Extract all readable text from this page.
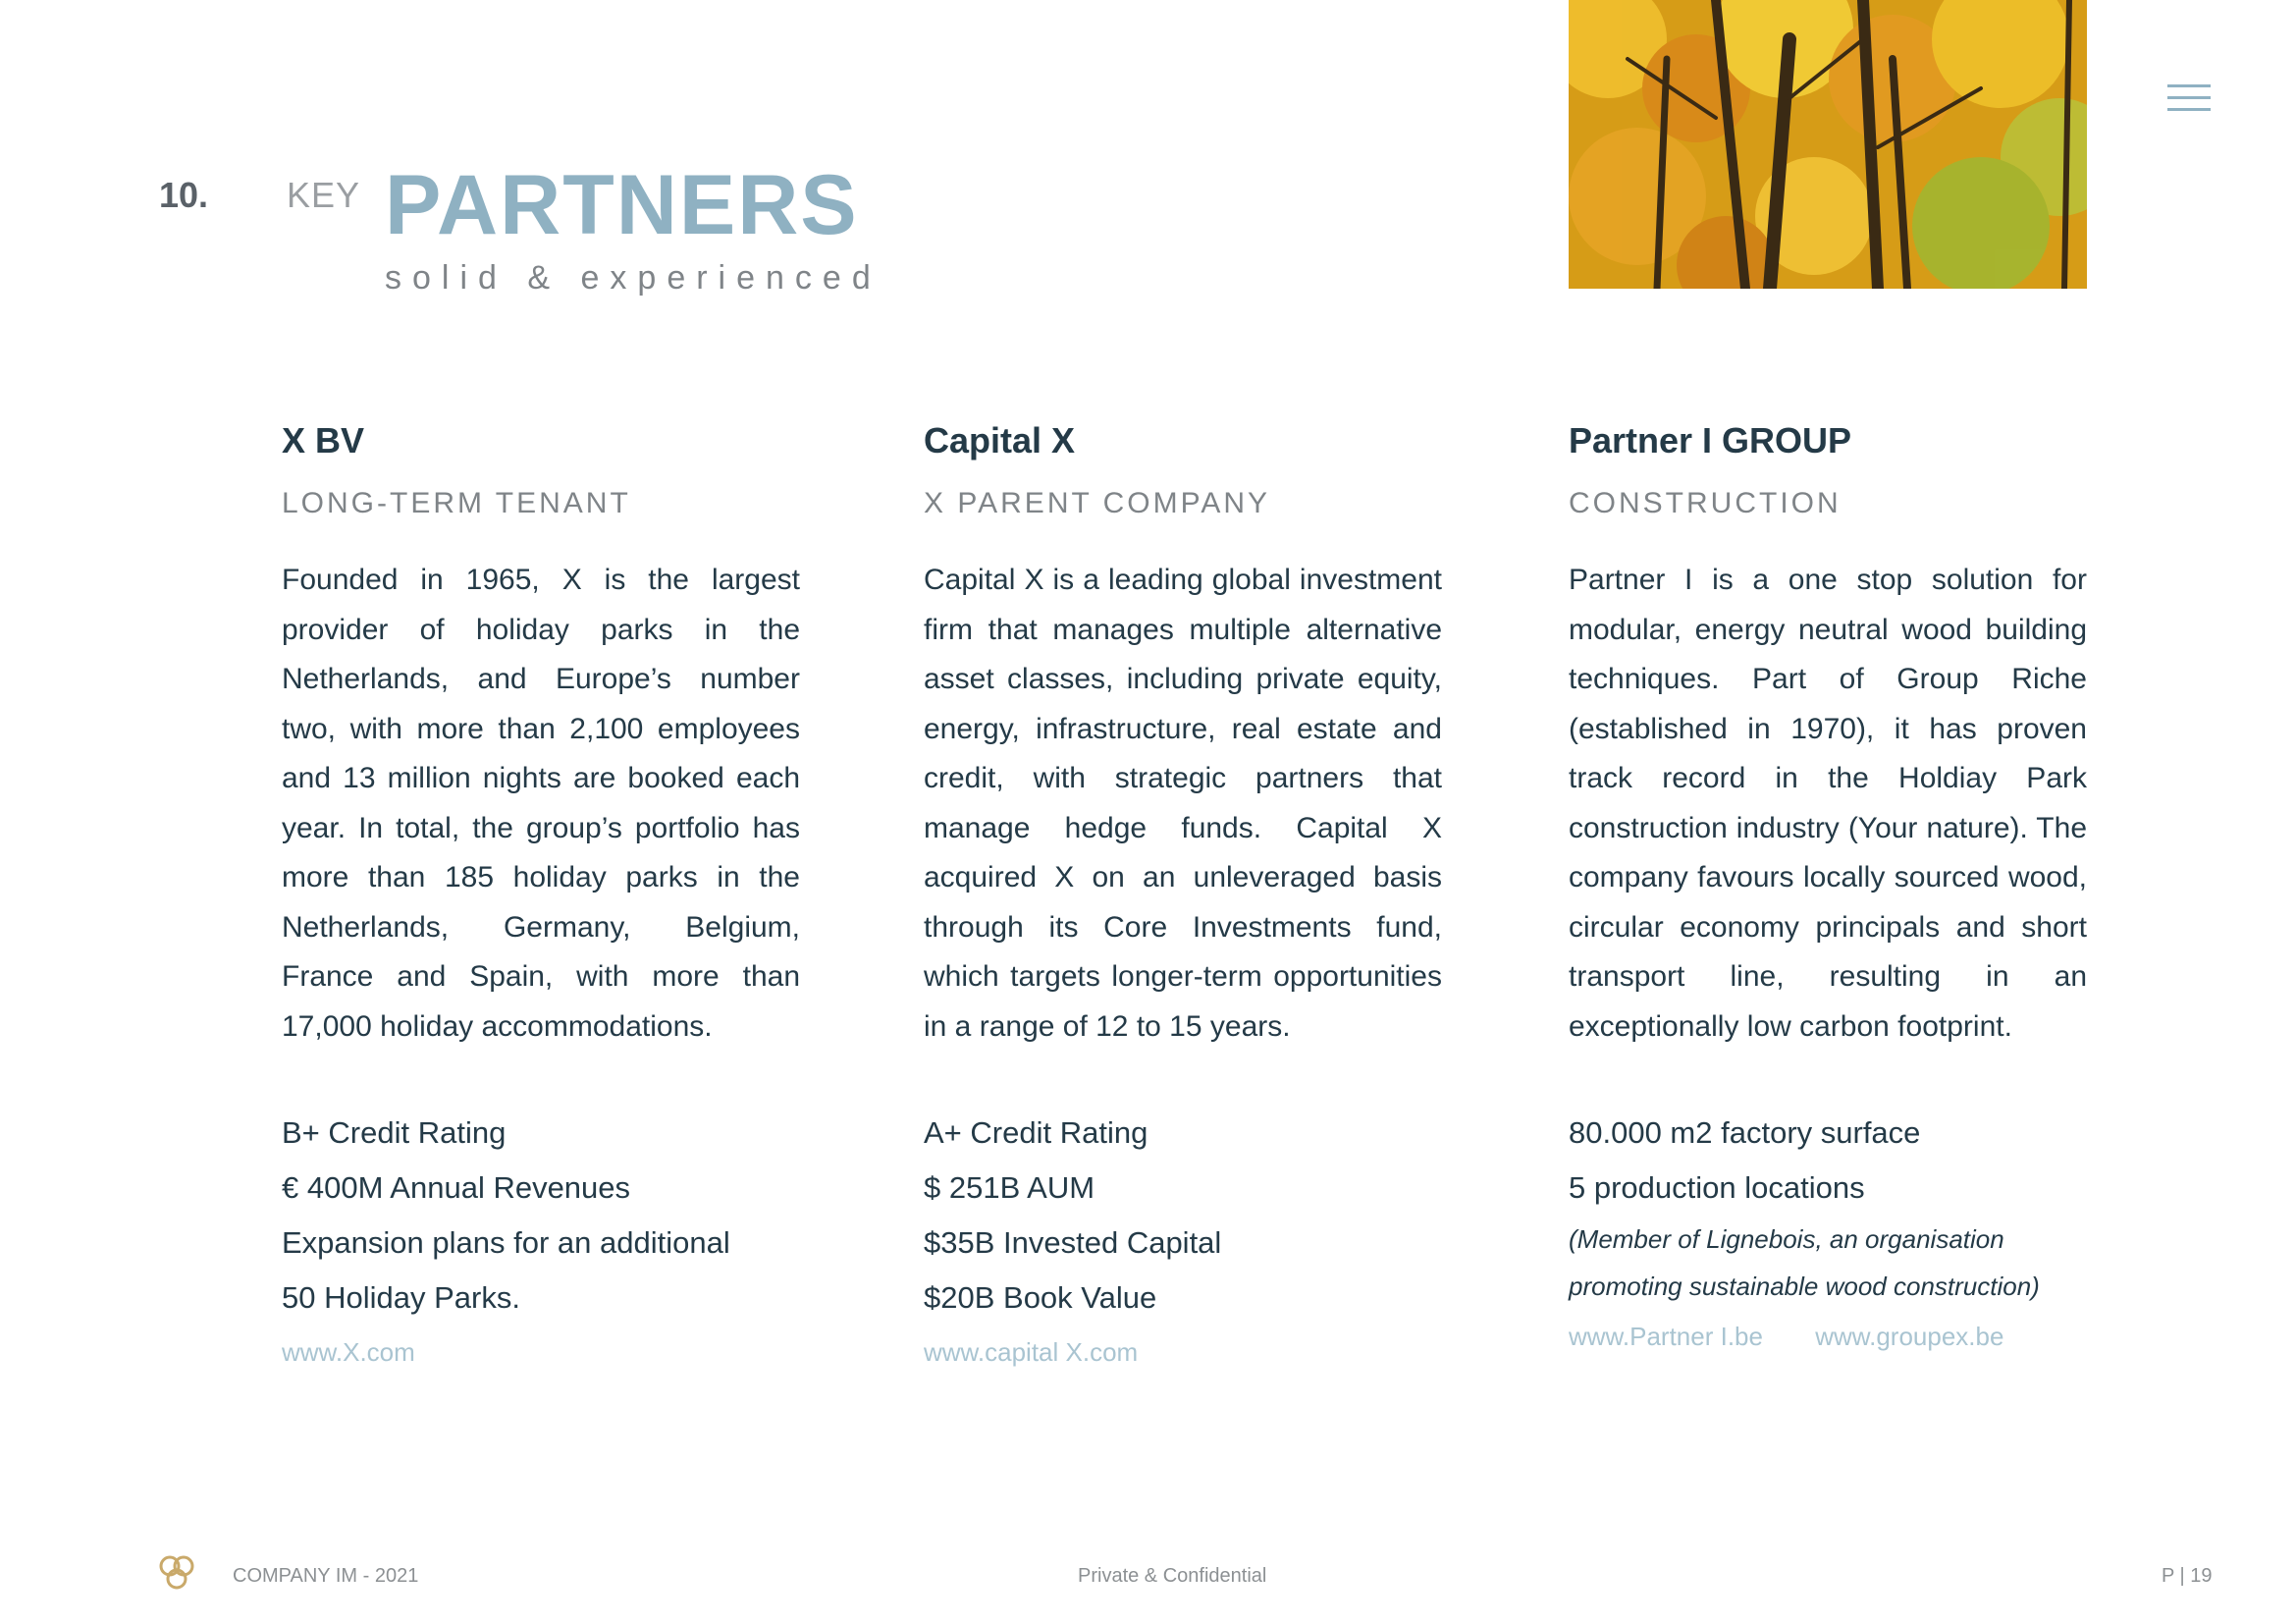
10. KEY PARTNERS
solid & experienced
X BV
LONG-TERM TENANT
Founded in 1965, X is the largest provider of holiday parks in the Netherlands, and Europe’s number two, with more than 2,100 employees and 13 million nights are booked each year. In total, the group’s portfolio has more than 185 holiday parks in the Netherlands, Germany, Belgium, France and Spain, with more than 17,000 holiday accommodations.
B+ Credit Rating
€ 400M Annual Revenues
Expansion plans for an additional
50 Holiday Parks.
www.X.com
Capital X
X PARENT COMPANY
Capital X is a leading global investment firm that manages multiple alternative asset classes, including private equity, energy, infrastructure, real estate and credit, with strategic partners that manage hedge funds. Capital X acquired X on an unleveraged basis through its Core Investments fund, which targets longer-term opportunities in a range of 12 to 15 years.
A+ Credit Rating
$ 251B AUM
$35B Invested Capital
$20B Book Value
www.capital X.com
Partner I GROUP
CONSTRUCTION
Partner I is a one stop solution for modular, energy neutral wood building techniques. Part of Group Riche (established in 1970), it has proven track record in the Holdiay Park construction industry (Your nature). The company favours locally sourced wood, circular economy principals and short transport line, resulting in an exceptionally low carbon footprint.
80.000 m2 factory surface
5 production locations
(Member of Lignebois, an organisation
promoting sustainable wood construction)
www.Partner I.be www.groupex.be
COMPANY IM - 2021	Private & Confidential	P | 19
